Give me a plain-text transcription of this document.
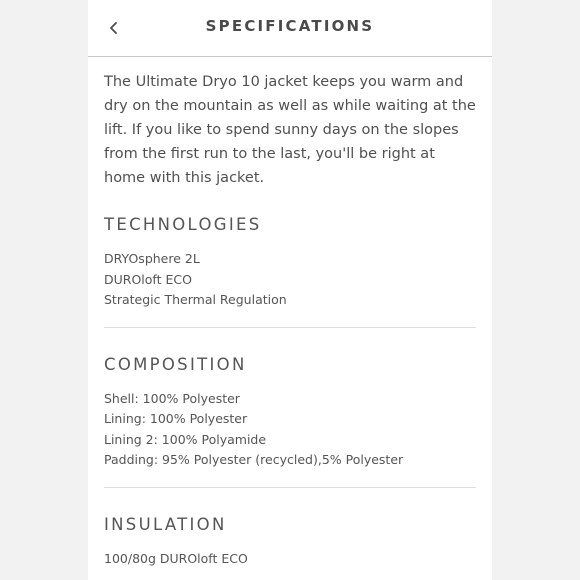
SPECIFICATIONS

The Ultimate Dryo 10 jacket keeps you warm and dry on the mountain as well as while waiting at the lift. If you like to spend sunny days on the slopes from the first run to the last, you'll be right at home with this jacket.

TECHNOLOGIES
DRYOsphere 2L
DUROloft ECO
Strategic Thermal Regulation
COMPOSITION
Shell: 100% Polyester
Lining: 100% Polyester
Lining 2: 100% Polyamide
Padding: 95% Polyester (recycled),5% Polyester
INSULATION
100/80g DUROloft ECO
